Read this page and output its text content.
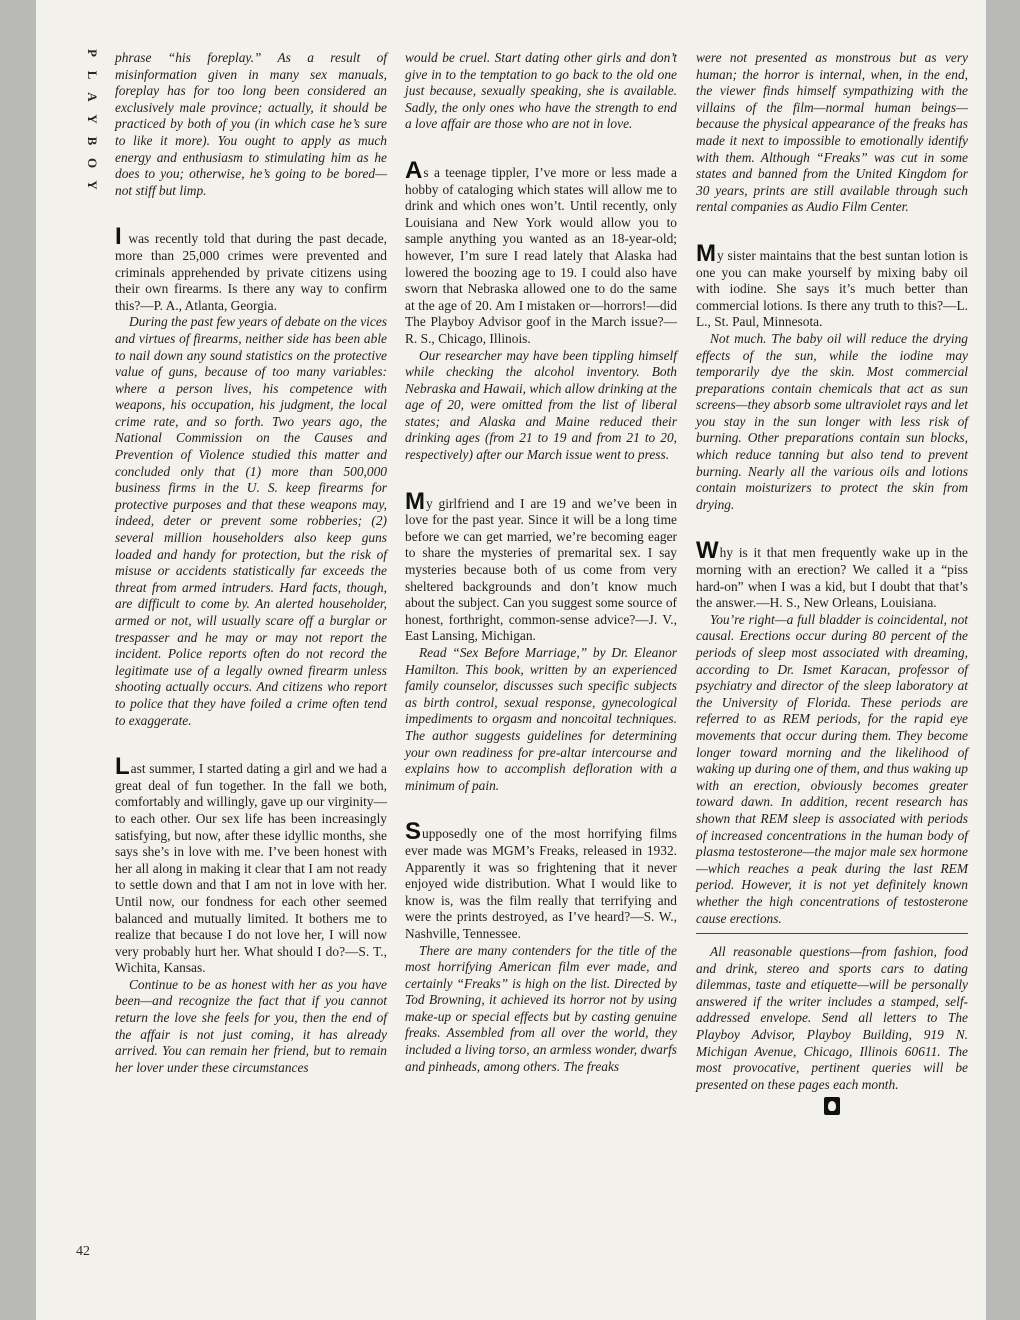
P
L
A
Y
B
O
Y
42

phrase “his foreplay.” As a result of misinformation given in many sex manuals, foreplay has for too long been considered an exclusively male province; actually, it should be practiced by both of you (in which case he’s sure to like it more). You ought to apply as much energy and enthusiasm to stimulating him as he does to you; otherwise, he’s going to be bored—not stiff but limp.

I was recently told that during the past decade, more than 25,000 crimes were prevented and criminals apprehended by private citizens using their own firearms. Is there any way to confirm this?—P. A., Atlanta, Georgia.

During the past few years of debate on the vices and virtues of firearms, neither side has been able to nail down any sound statistics on the protective value of guns, because of too many variables: where a person lives, his competence with weapons, his occupation, his judgment, the local crime rate, and so forth. Two years ago, the National Commission on the Causes and Prevention of Violence studied this matter and concluded only that (1) more than 500,000 business firms in the U. S. keep firearms for protective purposes and that these weapons may, indeed, deter or prevent some robberies; (2) several million householders also keep guns loaded and handy for protection, but the risk of misuse or accidents statistically far exceeds the threat from armed intruders. Hard facts, though, are difficult to come by. An alerted householder, armed or not, will usually scare off a burglar or trespasser and he may or may not report the incident. Police reports often do not record the legitimate use of a legally owned firearm unless shooting actually occurs. And citizens who report to police that they have foiled a crime often tend to exaggerate.

Last summer, I started dating a girl and we had a great deal of fun together. In the fall we both, comfortably and willingly, gave up our virginity—to each other. Our sex life has been increasingly satisfying, but now, after these idyllic months, she says she’s in love with me. I’ve been honest with her all along in making it clear that I am not ready to settle down and that I am not in love with her. Until now, our fondness for each other seemed balanced and mutually limited. It bothers me to realize that because I do not love her, I will now very probably hurt her. What should I do?—S. T., Wichita, Kansas.

Continue to be as honest with her as you have been—and recognize the fact that if you cannot return the love she feels for you, then the end of the affair is not just coming, it has already arrived. You can remain her friend, but to remain her lover under these circumstances

would be cruel. Start dating other girls and don’t give in to the temptation to go back to the old one just because, sexually speaking, she is available. Sadly, the only ones who have the strength to end a love affair are those who are not in love.

As a teenage tippler, I’ve more or less made a hobby of cataloging which states will allow me to drink and which ones won’t. Until recently, only Louisiana and New York would allow you to sample anything you wanted as an 18-year-old; however, I’m sure I read lately that Alaska had lowered the boozing age to 19. I could also have sworn that Nebraska allowed one to do the same at the age of 20. Am I mistaken or—horrors!—did The Playboy Advisor goof in the March issue?—R. S., Chicago, Illinois.

Our researcher may have been tippling himself while checking the alcohol inventory. Both Nebraska and Hawaii, which allow drinking at the age of 20, were omitted from the list of liberal states; and Alaska and Maine reduced their drinking ages (from 21 to 19 and from 21 to 20, respectively) after our March issue went to press.

My girlfriend and I are 19 and we’ve been in love for the past year. Since it will be a long time before we can get married, we’re becoming eager to share the mysteries of premarital sex. I say mysteries because both of us come from very sheltered backgrounds and don’t know much about the subject. Can you suggest some source of honest, forthright, common-sense advice?—J. V., East Lansing, Michigan.

Read “Sex Before Marriage,” by Dr. Eleanor Hamilton. This book, written by an experienced family counselor, discusses such specific subjects as birth control, sexual response, gynecological impediments to orgasm and noncoital techniques. The author suggests guidelines for determining your own readiness for pre-altar intercourse and explains how to accomplish defloration with a minimum of pain.

Supposedly one of the most horrifying films ever made was MGM’s Freaks, released in 1932. Apparently it was so frightening that it never enjoyed wide distribution. What I would like to know is, was the film really that terrifying and were the prints destroyed, as I’ve heard?—S. W., Nashville, Tennessee.

There are many contenders for the title of the most horrifying American film ever made, and certainly “Freaks” is high on the list. Directed by Tod Browning, it achieved its horror not by using make-up or special effects but by casting genuine freaks. Assembled from all over the world, they included a living torso, an armless wonder, dwarfs and pinheads, among others. The freaks

were not presented as monstrous but as very human; the horror is internal, when, in the end, the viewer finds himself sympathizing with the villains of the film—normal human beings—because the physical appearance of the freaks has made it next to impossible to emotionally identify with them. Although “Freaks” was cut in some states and banned from the United Kingdom for 30 years, prints are still available through such rental companies as Audio Film Center.

My sister maintains that the best suntan lotion is one you can make yourself by mixing baby oil with iodine. She says it’s much better than commercial lotions. Is there any truth to this?—L. L., St. Paul, Minnesota.

Not much. The baby oil will reduce the drying effects of the sun, while the iodine may temporarily dye the skin. Most commercial preparations contain chemicals that act as sun screens—they absorb some ultraviolet rays and let you stay in the sun longer with less risk of burning. Other preparations contain sun blocks, which reduce tanning but also tend to prevent burning. Nearly all the various oils and lotions contain moisturizers to protect the skin from drying.

Why is it that men frequently wake up in the morning with an erection? We called it a “piss hard-on” when I was a kid, but I doubt that that’s the answer.—H. S., New Orleans, Louisiana.

You’re right—a full bladder is coincidental, not causal. Erections occur during 80 percent of the periods of sleep most associated with dreaming, according to Dr. Ismet Karacan, professor of psychiatry and director of the sleep laboratory at the University of Florida. These periods are referred to as REM periods, for the rapid eye movements that occur during them. They become longer toward morning and the likelihood of waking up during one of them, and thus waking up with an erection, obviously becomes greater toward dawn. In addition, recent research has shown that REM sleep is associated with periods of increased concentrations in the human body of plasma testosterone—the major male sex hormone—which reaches a peak during the last REM period. However, it is not yet definitely known whether the high concentrations of testosterone cause erections.

All reasonable questions—from fashion, food and drink, stereo and sports cars to dating dilemmas, taste and etiquette—will be personally answered if the writer includes a stamped, self-addressed envelope. Send all letters to The Playboy Advisor, Playboy Building, 919 N. Michigan Avenue, Chicago, Illinois 60611. The most provocative, pertinent queries will be presented on these pages each month.
